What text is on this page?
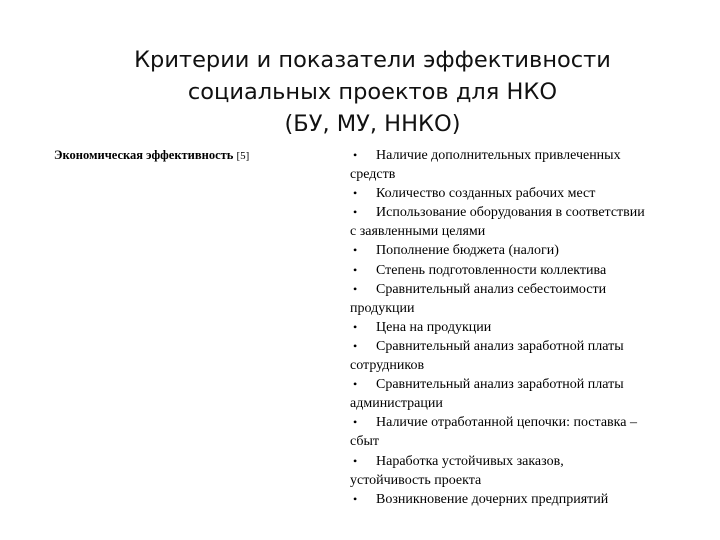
Критерии и показатели эффективности
социальных проектов для НКО
(БУ, МУ, ННКО)
Экономическая эффективность [5]	• Наличие дополнительных привлеченных
средств
• Количество созданных рабочих мест
• Использование оборудования в соответствии
с заявленными целями
• Пополнение бюджета (налоги)
• Степень подготовленности коллектива
• Сравнительный анализ себестоимости
продукции
• Цена на продукции
• Сравнительный анализ заработной платы
сотрудников
• Сравнительный анализ заработной платы
администрации
• Наличие отработанной цепочки: поставка –
сбыт
• Наработка устойчивых заказов,
устойчивость проекта
• Возникновение дочерних предприятий
